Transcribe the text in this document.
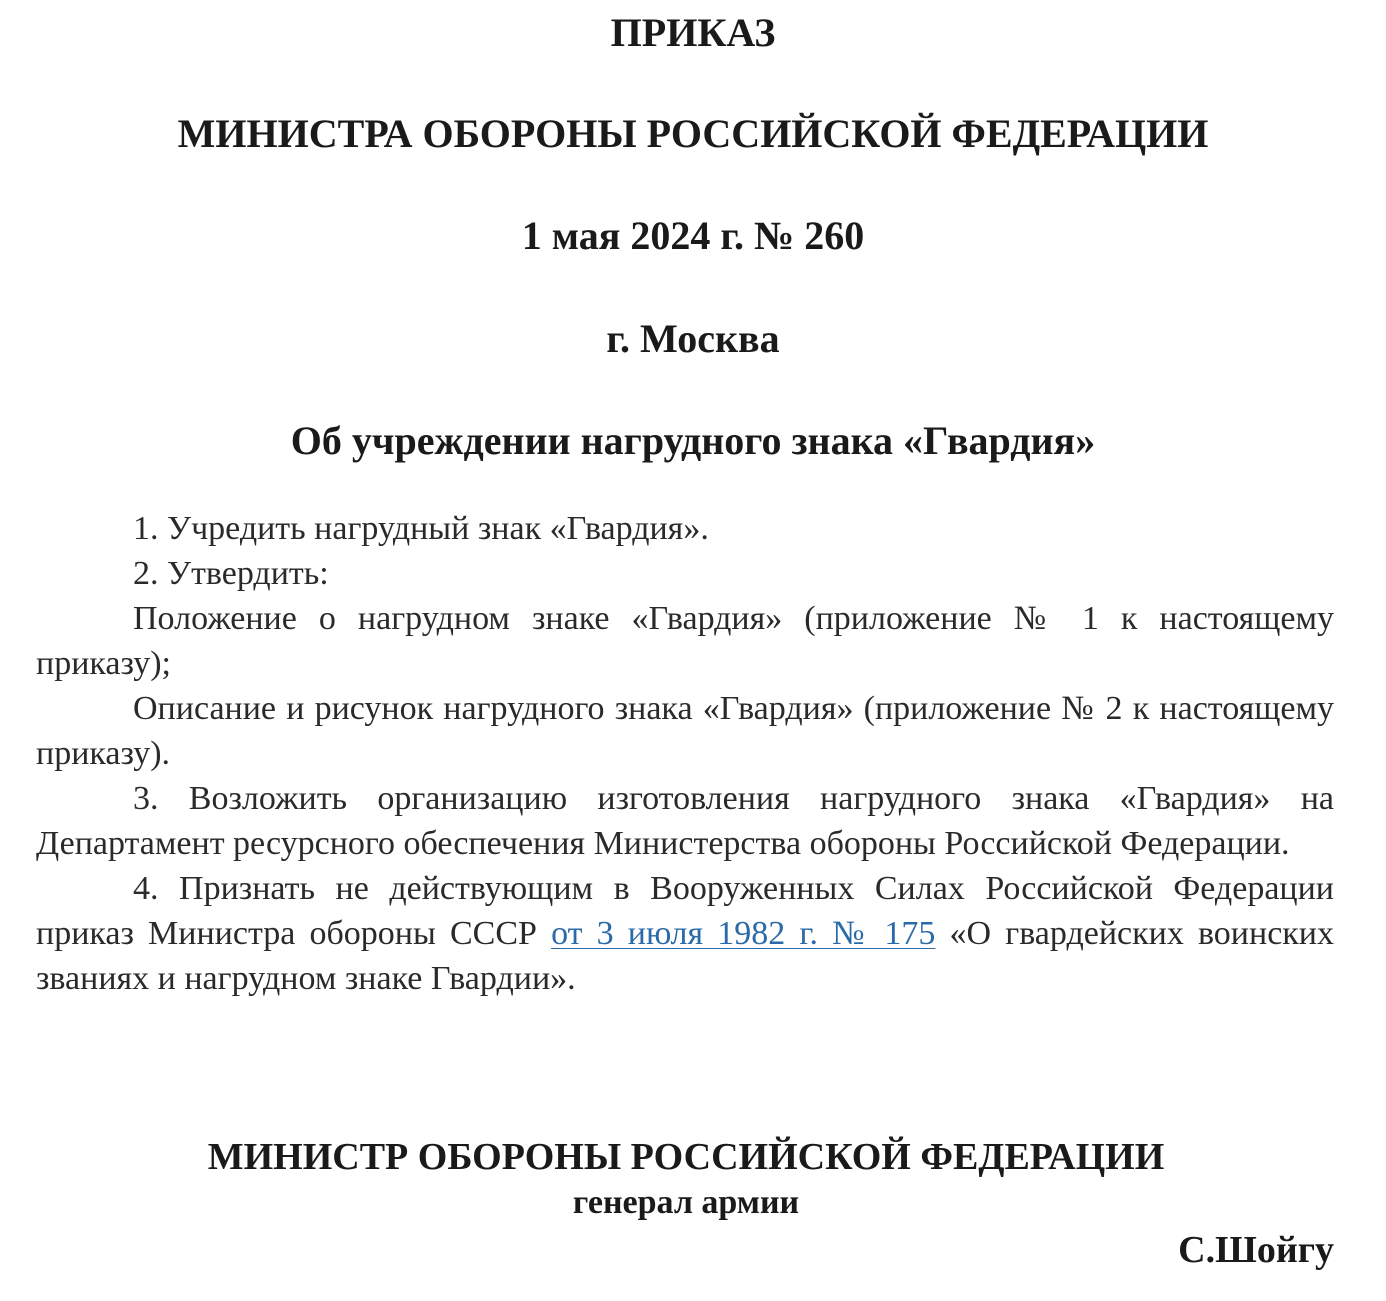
ПРИКАЗ

МИНИСТРА ОБОРОНЫ РОССИЙСКОЙ ФЕДЕРАЦИИ

1 мая 2024 г. № 260

г. Москва

Об учреждении нагрудного знака «Гвардия»

1. Учредить нагрудный знак «Гвардия».

2. Утвердить:

Положение о нагрудном знаке «Гвардия» (приложение № 1 к настоящему приказу);

Описание и рисунок нагрудного знака «Гвардия» (приложение № 2 к настоящему приказу).

3. Возложить организацию изготовления нагрудного знака «Гвардия» на Департамент ресурсного обеспечения Министерства обороны Российской Федерации.

4. Признать не действующим в Вооруженных Силах Российской Федерации приказ Министра обороны СССР от 3 июля 1982 г. № 175 «О гвардейских воинских званиях и нагрудном знаке Гвардии».

МИНИСТР ОБОРОНЫ РОССИЙСКОЙ ФЕДЕРАЦИИ

генерал армии

С.Шойгу
